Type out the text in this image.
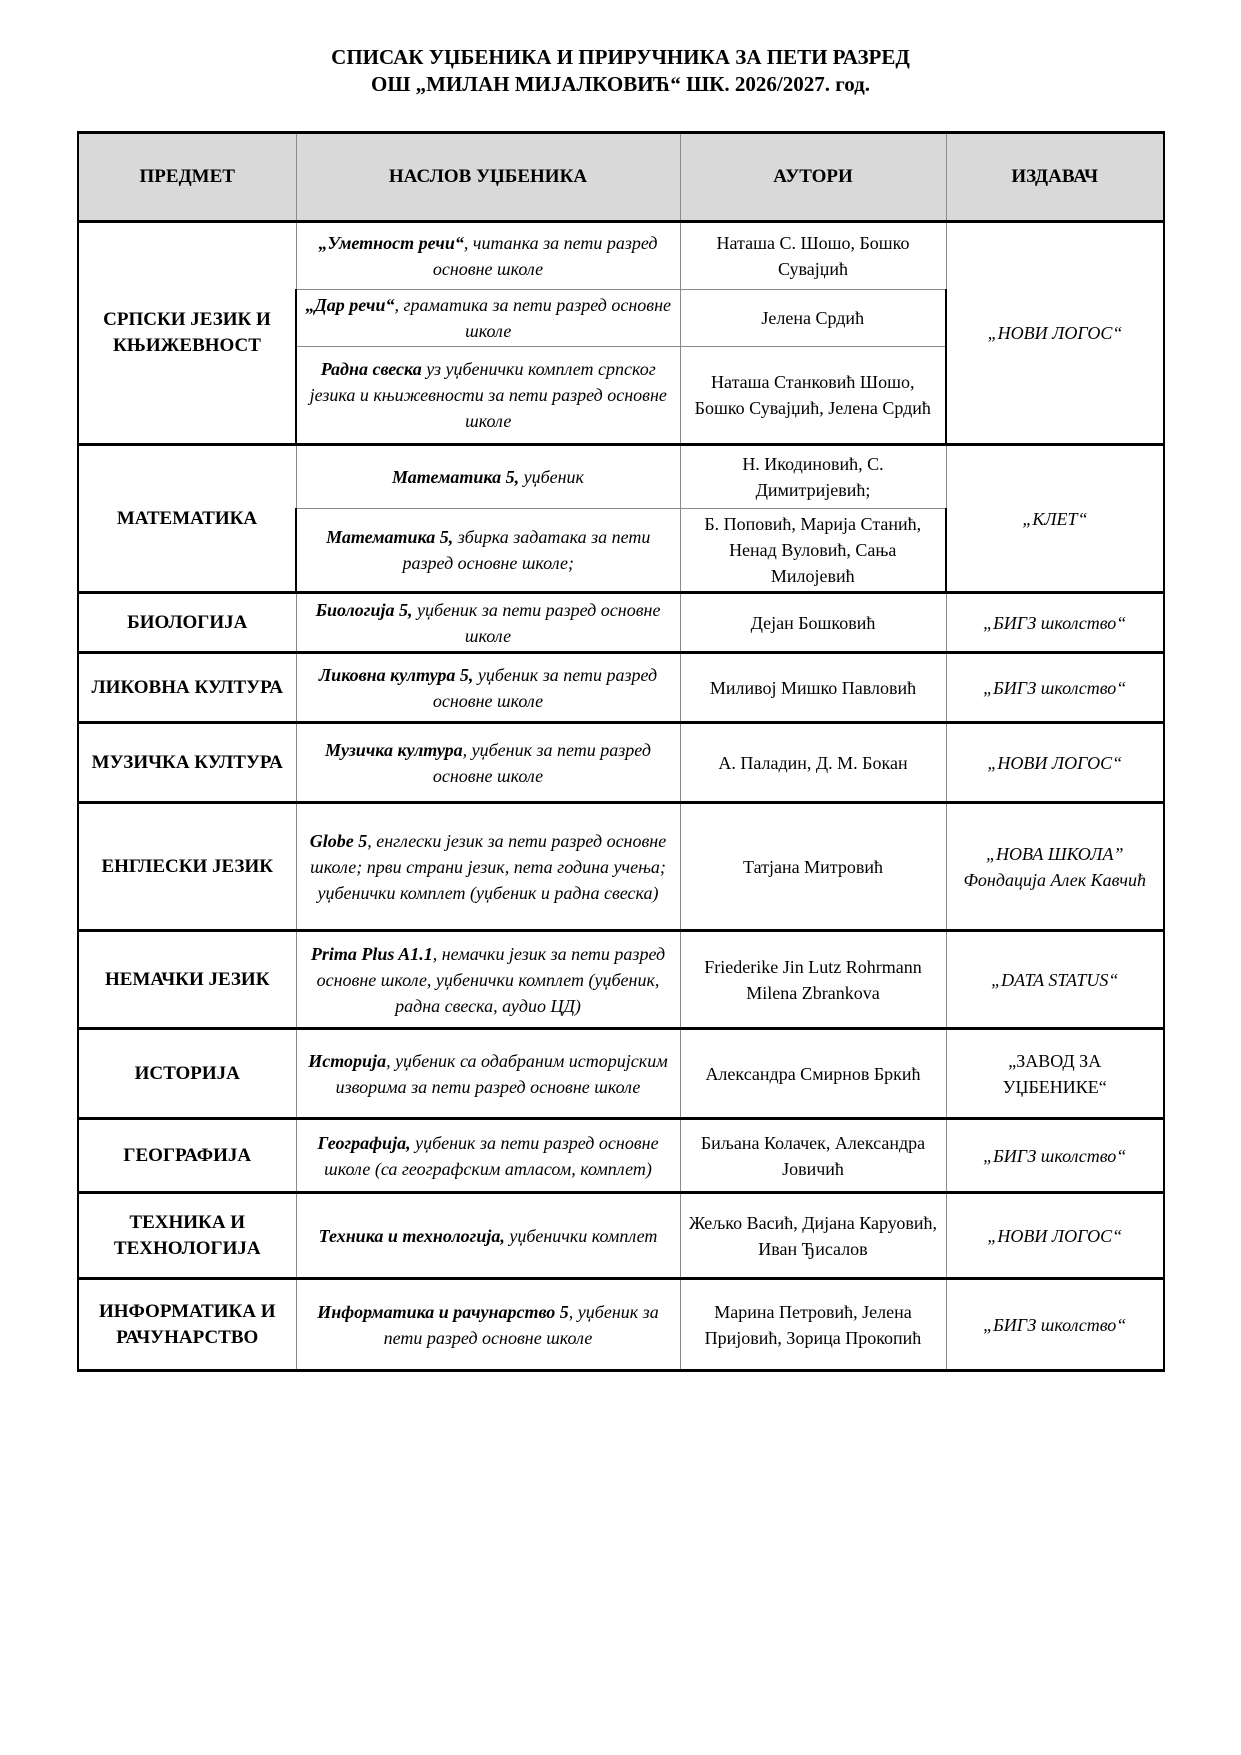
СПИСАК УЏБЕНИКА И ПРИРУЧНИКА ЗА ПЕТИ РАЗРЕД
ОШ „МИЛАН МИЈАЛКОВИЋ“ ШК. 2026/2027. год.
ПРЕДМЕТ	НАСЛОВ УЏБЕНИКА	АУТОРИ	ИЗДАВАЧ
СРПСКИ ЈЕЗИК И КЊИЖЕВНОСТ	„Уметност речи“, читанка за пети разред основне школе	Наташа С. Шошо, Бошко Сувајџић	„НОВИ ЛОГОС“
	„Дар речи“, граматика за пети разред основне школе	Јелена Срдић	
	Радна свеска уз уџбенички комплет српског језика и књижевности за пети разред основне школе	Наташа Станковић Шошо, Бошко Сувајџић, Јелена Срдић	
МАТЕМАТИКА	Математика 5, уџбеник	Н. Икодиновић, С. Димитријевић;	„КЛЕТ“
	Математика 5, збирка задатака за пети разред основне школе;	Б. Поповић, Марија Станић, Ненад Вуловић, Сања Милојевић	
БИОЛОГИЈА	Биологија 5, уџбеник за пети разред основне школе	Дејан Бошковић	„БИГЗ школство“
ЛИКОВНА КУЛТУРА	Ликовна култура 5, уџбеник за пети разред основне школе	Миливој Мишко Павловић	„БИГЗ школство“
МУЗИЧКА КУЛТУРА	Музичка култура, уџбеник за пети разред основне школе	А. Паладин, Д. М. Бокан	„НОВИ ЛОГОС“
ЕНГЛЕСКИ ЈЕЗИК	Globe 5, енглески језик за пети разред основне школе; први страни језик, пета година учења; уџбенички комплет (уџбеник и радна свеска)	Татјана Митровић	„НОВА ШКОЛА” Фондација Алек Кавчић
НЕМАЧКИ ЈЕЗИК	Prima Plus A1.1, немачки језик за пети разред основне школе, уџбенички комплет (уџбеник, радна свеска, аудио ЦД)	Friederike Jin Lutz Rohrmann Milena Zbrankova	„DATA STATUS“
ИСТОРИЈА	Историја, уџбеник са одабраним историјским изворима за пети разред основне школе	Александра Смирнов Бркић	„ЗАВОД ЗА УЏБЕНИКЕ“
ГЕОГРАФИЈА	Географија, уџбеник за пети разред основне школе (са географским атласом, комплет)	Биљана Колачек, Александра Јовичић	„БИГЗ школство“
ТЕХНИКА И ТЕХНОЛОГИЈА	Техника и технологија, уџбенички комплет	Жељко Васић, Дијана Каруовић, Иван Ђисалов	„НОВИ ЛОГОС“
ИНФОРМАТИКА И РАЧУНАРСТВО	Информатика и рачунарство 5, уџбеник за пети разред основне школе	Марина Петровић, Јелена Пријовић, Зорица Прокопић	„БИГЗ школство“
